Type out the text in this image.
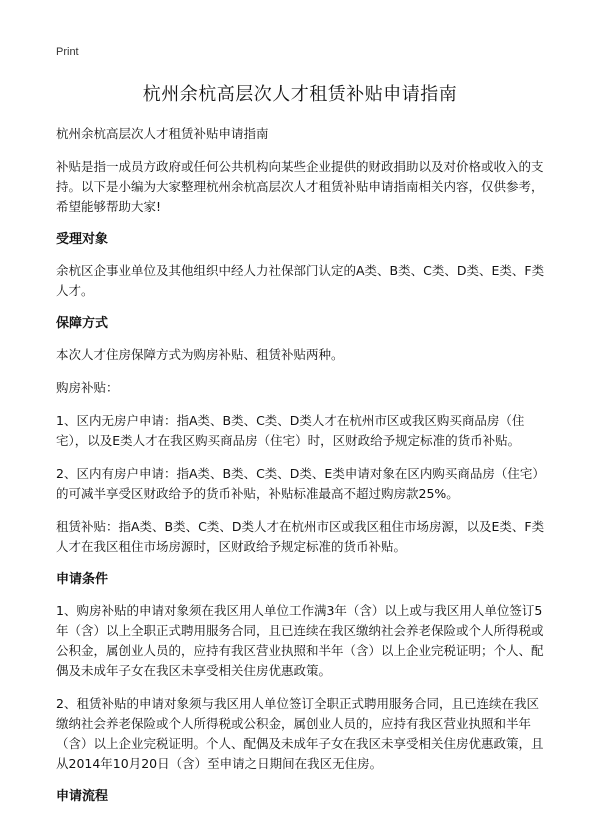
Print
杭州余杭高层次人才租赁补贴申请指南

杭州余杭高层次人才租赁补贴申请指南

补贴是指一成员方政府或任何公共机构向某些企业提供的财政捐助以及对价格或收入的支持。以下是小编为大家整理杭州余杭高层次人才租赁补贴申请指南相关内容，仅供参考，希望能够帮助大家!

受理对象

余杭区企事业单位及其他组织中经人力社保部门认定的A类、B类、C类、D类、E类、F类人才。

保障方式

本次人才住房保障方式为购房补贴、租赁补贴两种。

购房补贴：

1、区内无房户申请：指A类、B类、C类、D类人才在杭州市区或我区购买商品房（住宅），以及E类人才在我区购买商品房（住宅）时，区财政给予规定标准的货币补贴。

2、区内有房户申请：指A类、B类、C类、D类、E类申请对象在区内购买商品房（住宅）的可减半享受区财政给予的货币补贴，补贴标准最高不超过购房款25%。

租赁补贴：指A类、B类、C类、D类人才在杭州市区或我区租住市场房源，以及E类、F类人才在我区租住市场房源时，区财政给予规定标准的货币补贴。

申请条件

1、购房补贴的申请对象须在我区用人单位工作满3年（含）以上或与我区用人单位签订5年（含）以上全职正式聘用服务合同，且已连续在我区缴纳社会养老保险或个人所得税或公积金，属创业人员的，应持有我区营业执照和半年（含）以上企业完税证明；个人、配偶及未成年子女在我区未享受相关住房优惠政策。

2、租赁补贴的申请对象须与我区用人单位签订全职正式聘用服务合同，且已连续在我区缴纳社会养老保险或个人所得税或公积金，属创业人员的，应持有我区营业执照和半年（含）以上企业完税证明。个人、配偶及未成年子女在我区未享受相关住房优惠政策，且从2014年10月20日（含）至申请之日期间在我区无住房。

申请流程
